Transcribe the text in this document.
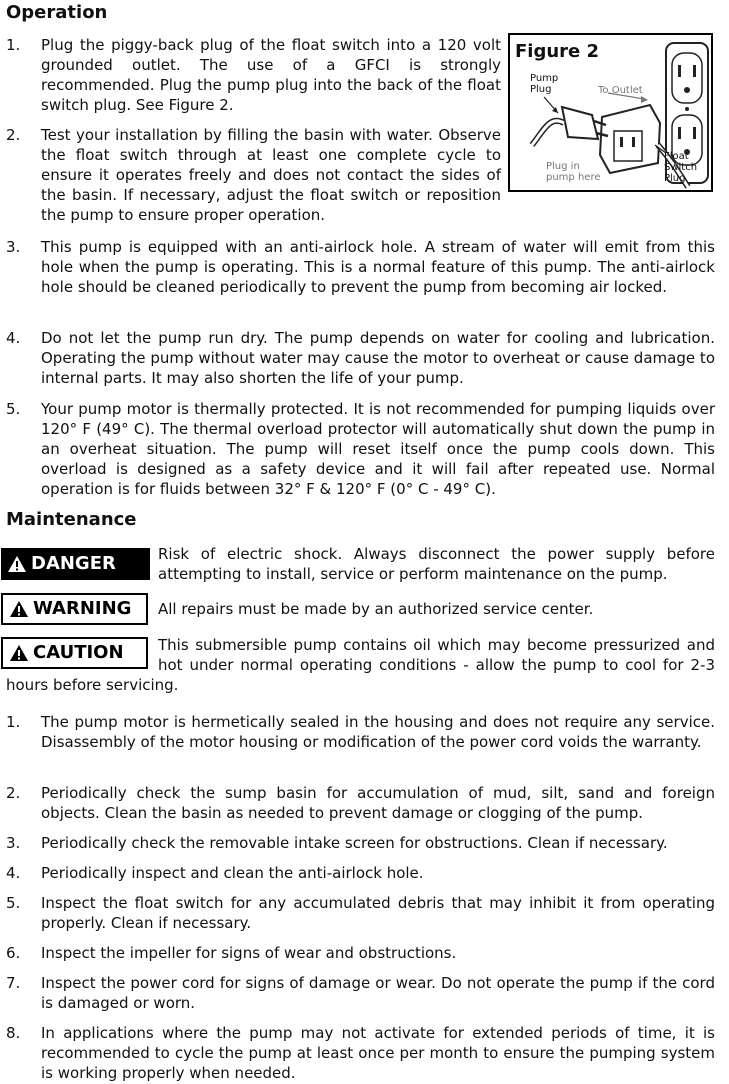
Operation
1.	Plug the piggy-back plug of the float switch into a 120 volt grounded outlet. The use of a GFCI is strongly recommended. Plug the pump plug into the back of the float switch plug. See Figure 2.
2.	Test your installation by filling the basin with water. Observe the float switch through at least one complete cycle to ensure it operates freely and does not contact the sides of the basin. If necessary, adjust the float switch or reposition the pump to ensure proper operation.
Figure 2
Pump Plug	To Outlet
Plug in pump here
Float Switch Plug
3.	This pump is equipped with an anti-airlock hole. A stream of water will emit from this hole when the pump is operating. This is a normal feature of this pump. The anti-airlock hole should be cleaned periodically to prevent the pump from becoming air locked.
4.	Do not let the pump run dry. The pump depends on water for cooling and lubrication. Operating the pump without water may cause the motor to overheat or cause damage to internal parts. It may also shorten the life of your pump.
5.	Your pump motor is thermally protected. It is not recommended for pumping liquids over 120° F (49° C). The thermal overload protector will automatically shut down the pump in an overheat situation. The pump will reset itself once the pump cools down. This overload is designed as a safety device and it will fail after repeated use. Normal operation is for fluids between 32° F & 120° F (0° C - 49° C).
Maintenance
DANGER	Risk of electric shock. Always disconnect the power supply before attempting to install, service or perform maintenance on the pump.
WARNING All repairs must be made by an authorized service center.
CAUTION	This submersible pump contains oil which may become pressurized and hot under normal operating conditions - allow the pump to cool for 2-3 hours before servicing.
1.	The pump motor is hermetically sealed in the housing and does not require any service. Disassembly of the motor housing or modification of the power cord voids the warranty.
2.	Periodically check the sump basin for accumulation of mud, silt, sand and foreign objects. Clean the basin as needed to prevent damage or clogging of the pump.
3.	Periodically check the removable intake screen for obstructions. Clean if necessary.
4.	Periodically inspect and clean the anti-airlock hole.
5.	Inspect the float switch for any accumulated debris that may inhibit it from operating properly. Clean if necessary.
6.	Inspect the impeller for signs of wear and obstructions.
7.	Inspect the power cord for signs of damage or wear. Do not operate the pump if the cord is damaged or worn.
8.	In applications where the pump may not activate for extended periods of time, it is recommended to cycle the pump at least once per month to ensure the pumping system is working properly when needed.
